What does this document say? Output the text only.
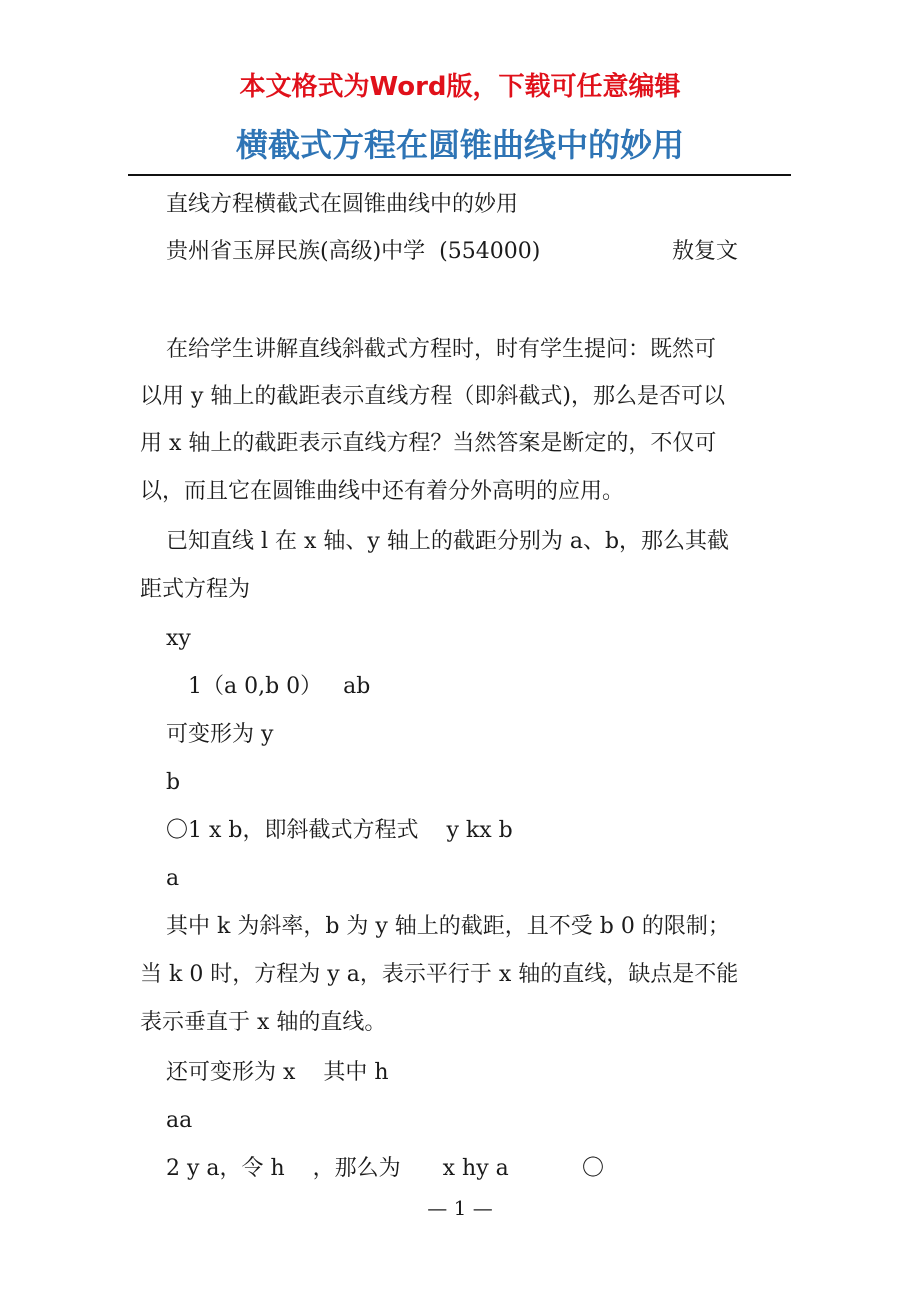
本文格式为Word版，下载可任意编辑
横截式方程在圆锥曲线中的妙用
直线方程横截式在圆锥曲线中的妙用
贵州省玉屏民族(高级)中学  (554000)	敖复文
在给学生讲解直线斜截式方程时，时有学生提问：既然可
以用 y 轴上的截距表示直线方程（即斜截式)，那么是否可以
用 x 轴上的截距表示直线方程？当然答案是断定的，不仅可
以，而且它在圆锥曲线中还有着分外高明的应用。
已知直线 l 在 x 轴、y 轴上的截距分别为 a、b，那么其截
距式方程为
xy
1（a 0,b 0）   ab
可变形为 y
b
〇1 x b，即斜截式方程式    y kx b
a
其中 k 为斜率，b 为 y 轴上的截距，且不受 b 0 的限制；
当 k 0 时，方程为 y a，表示平行于 x 轴的直线，缺点是不能
表示垂直于 x 轴的直线。
还可变形为 x    其中 h
aa
2 y a，令 h    ，那么为      x hy a	〇
— 1 —
